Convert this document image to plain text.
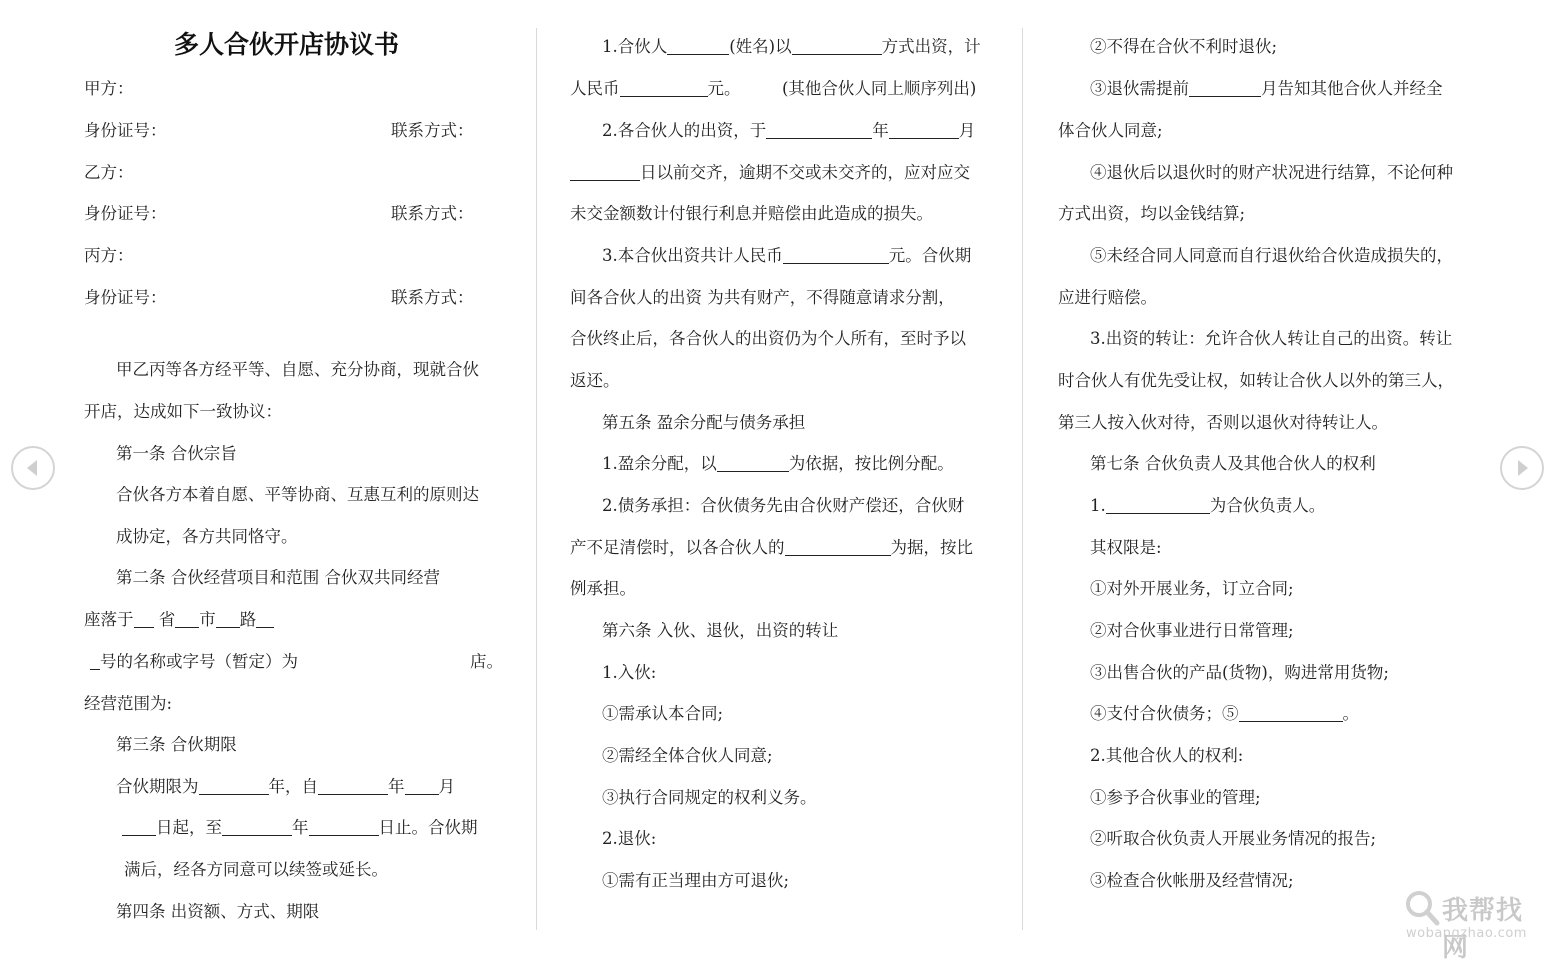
多人合伙开店协议书
甲方：
身份证号：	联系方式：
乙方：
身份证号：	联系方式：
丙方：
身份证号：	联系方式：
甲乙丙等各方经平等、自愿、充分协商，现就合伙
开店，达成如下一致协议：
第一条 合伙宗旨
合伙各方本着自愿、平等协商、互惠互利的原则达
成协定，各方共同恪守。
第二条 合伙经营项目和范围 合伙双共同经营
座落于 省 市 路
号的名称或字号（暂定）为	店。
经营范围为:
第三条 合伙期限
合伙期限为	年，自	年 月
日起，至	年	日止。合伙期
满后，经各方同意可以续签或延长。
第四条 出资额、方式、期限
1.合伙人	(姓名)以	方式出资，计
人民币	元。	(其他合伙人同上顺序列出)
2.各合伙人的出资，于	年	月
日以前交齐，逾期不交或未交齐的，应对应交
未交金额数计付银行利息并赔偿由此造成的损失。
3.本合伙出资共计人民币	元。合伙期
间各合伙人的出资 为共有财产，不得随意请求分割，
合伙终止后，各合伙人的出资仍为个人所有，至时予以
返还。
第五条 盈余分配与债务承担
1.盈余分配，以	为依据，按比例分配。
2.债务承担：合伙债务先由合伙财产偿还，合伙财
产不足清偿时，以各合伙人的	为据，按比
例承担。
第六条 入伙、退伙，出资的转让
1.入伙:
①需承认本合同;
②需经全体合伙人同意;
③执行合同规定的权利义务。
2.退伙:
①需有正当理由方可退伙;
②不得在合伙不利时退伙;
③退伙需提前	月告知其他合伙人并经全
体合伙人同意;
④退伙后以退伙时的财产状况进行结算，不论何种
方式出资，均以金钱结算;
⑤未经合同人同意而自行退伙给合伙造成损失的，
应进行赔偿。
3.出资的转让：允许合伙人转让自己的出资。转让
时合伙人有优先受让权，如转让合伙人以外的第三人，
第三人按入伙对待，否则以退伙对待转让人。
第七条 合伙负责人及其他合伙人的权利
1.	为合伙负责人。
其权限是:
①对外开展业务，订立合同;
②对合伙事业进行日常管理;
③出售合伙的产品(货物)，购进常用货物;
④支付合伙债务；⑤	。
2.其他合伙人的权利:
①参予合伙事业的管理;
②听取合伙负责人开展业务情况的报告;
③检查合伙帐册及经营情况;
我帮找网
wobangzhao.com
